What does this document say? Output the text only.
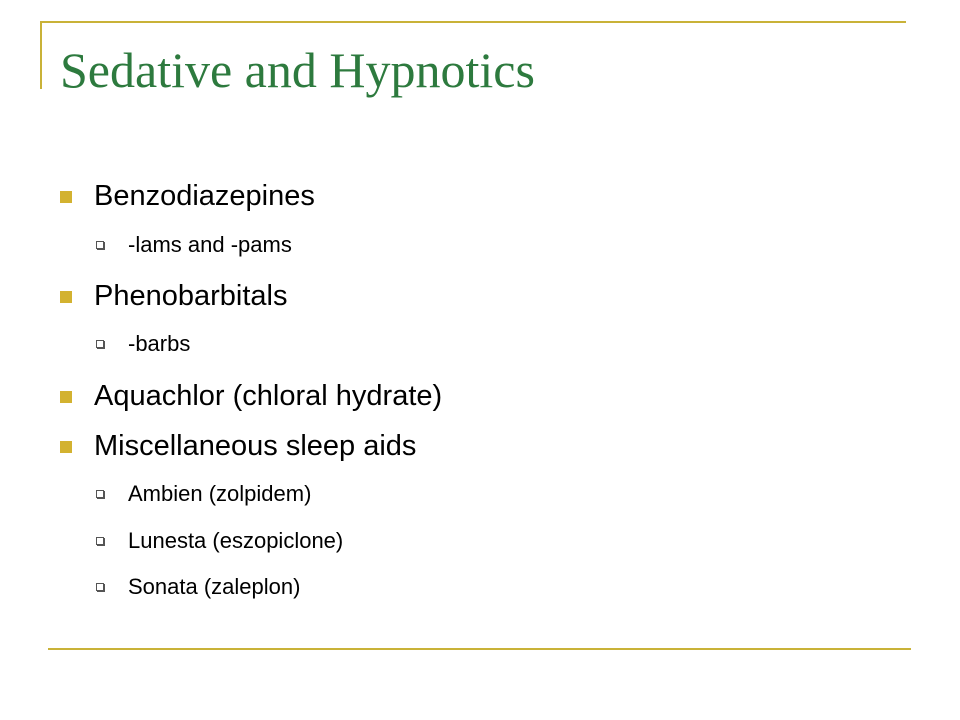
Sedative and Hypnotics
Benzodiazepines
-lams and -pams
Phenobarbitals
-barbs
Aquachlor (chloral hydrate)
Miscellaneous sleep aids
Ambien (zolpidem)
Lunesta (eszopiclone)
Sonata (zaleplon)
